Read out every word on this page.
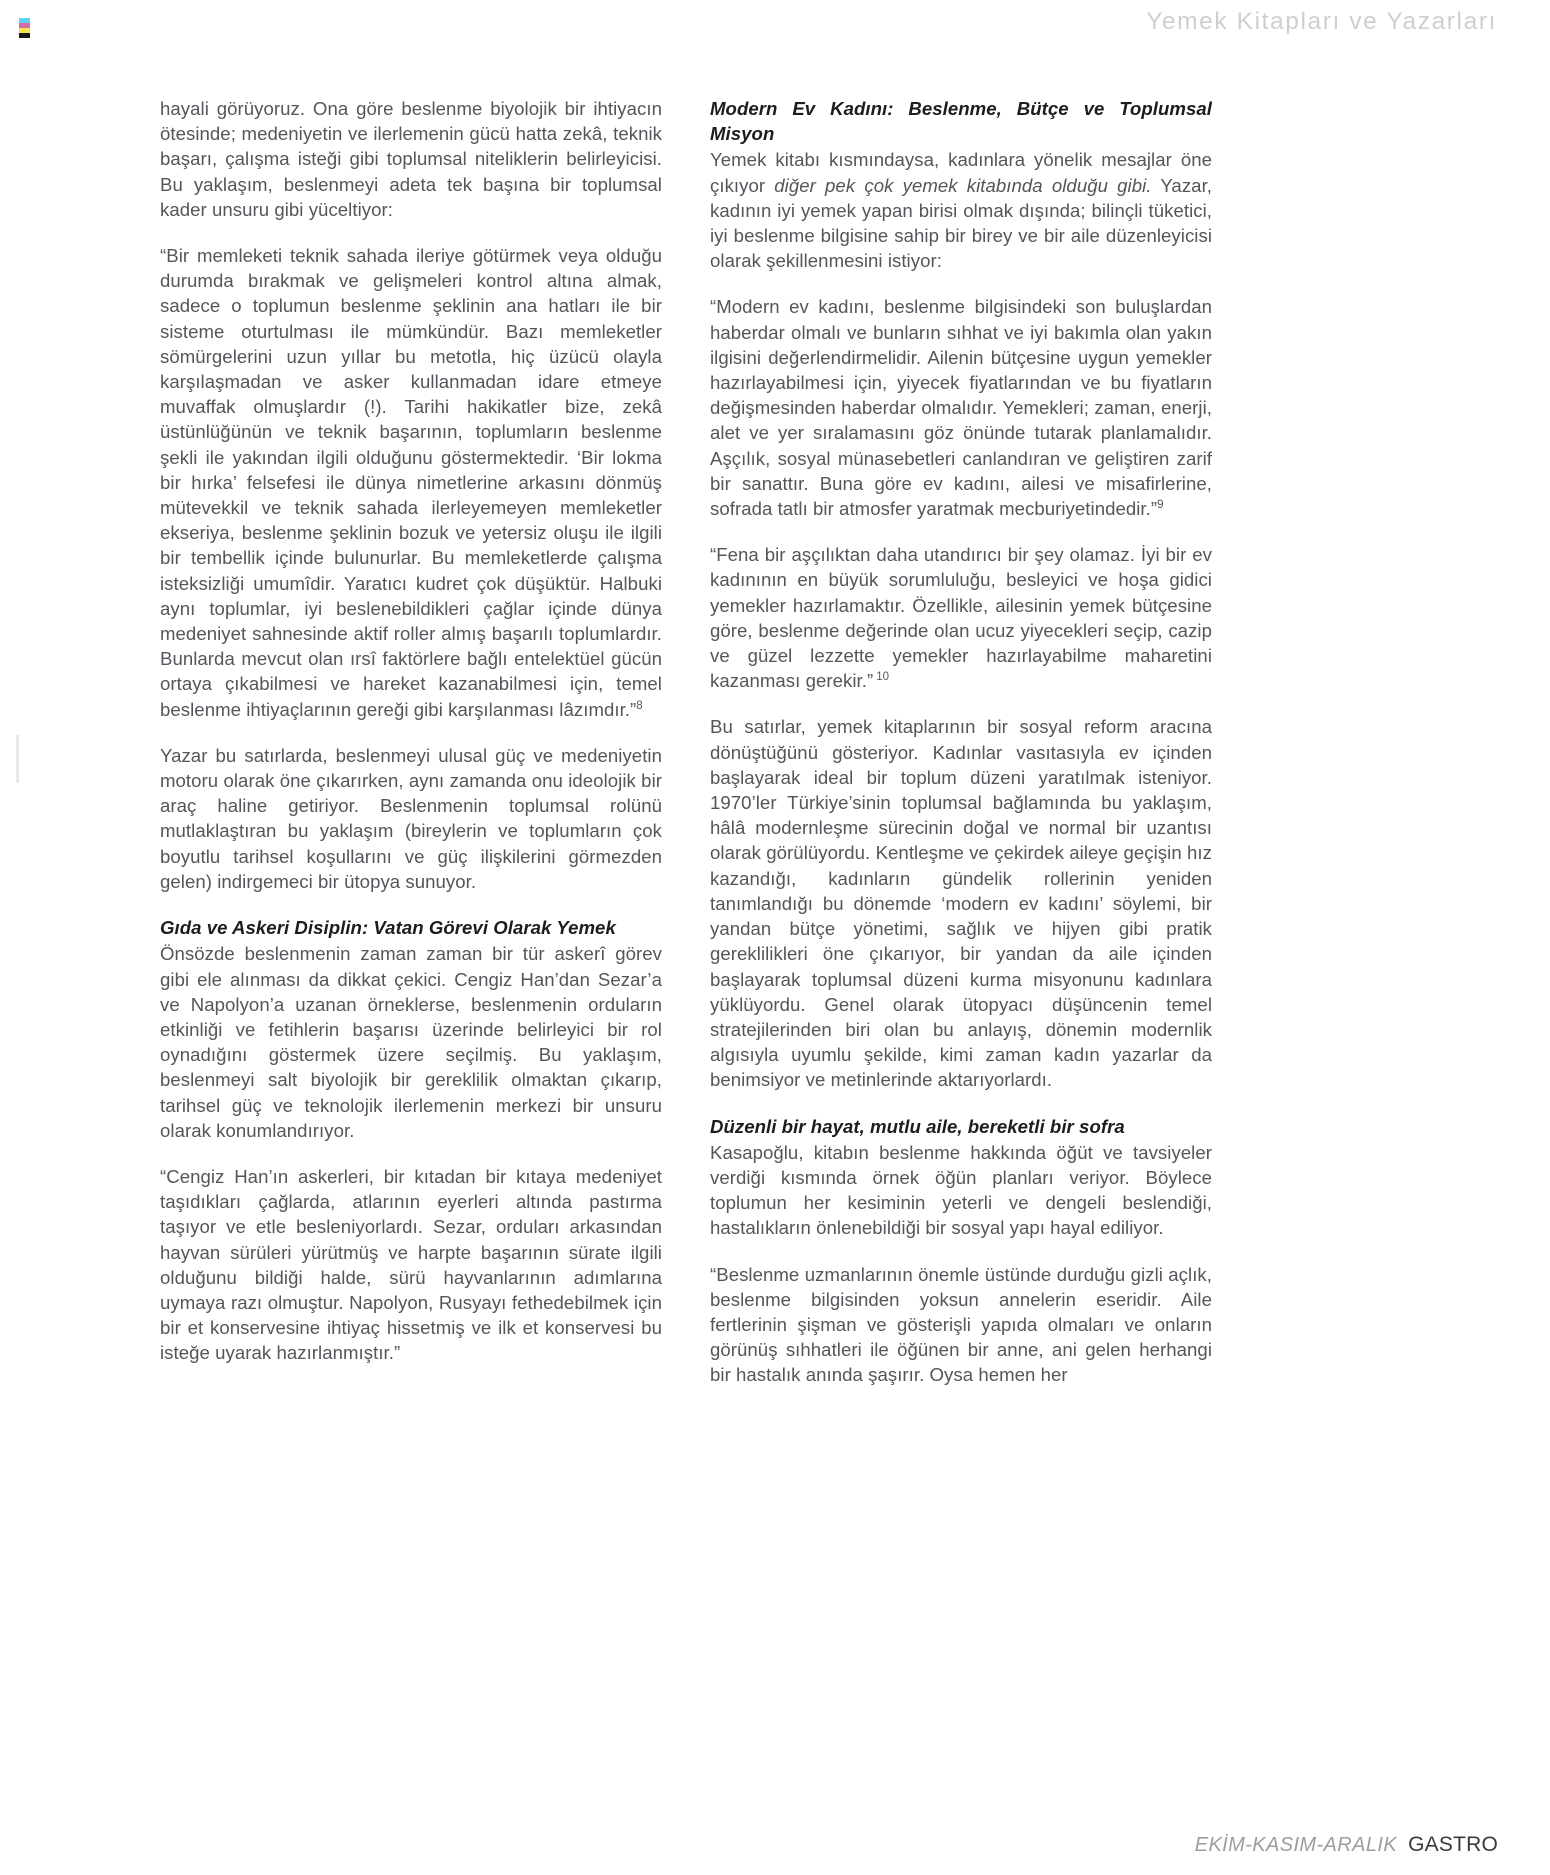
Yemek Kitapları ve Yazarları

hayali görüyoruz. Ona göre beslenme biyolojik bir ihtiyacın ötesinde; medeniyetin ve ilerlemenin gücü hatta zekâ, teknik başarı, çalışma isteği gibi toplumsal niteliklerin belirleyicisi. Bu yaklaşım, beslenmeyi adeta tek başına bir toplumsal kader unsuru gibi yüceltiyor:

“Bir memleketi teknik sahada ileriye götürmek veya olduğu durumda bırakmak ve gelişmeleri kontrol altına almak, sadece o toplumun beslenme şeklinin ana hatları ile bir sisteme oturtulması ile mümkündür. Bazı memleketler sömürgelerini uzun yıllar bu metotla, hiç üzücü olayla karşılaşmadan ve asker kullanmadan idare etmeye muvaffak olmuşlardır (!). Tarihi hakikatler bize, zekâ üstünlüğünün ve teknik başarının, toplumların beslenme şekli ile yakından ilgili olduğunu göstermektedir. ‘Bir lokma bir hırka’ felsefesi ile dünya nimetlerine arkasını dönmüş mütevekkil ve teknik sahada ilerleyemeyen memleketler ekseriya, beslenme şeklinin bozuk ve yetersiz oluşu ile ilgili bir tembellik içinde bulunurlar. Bu memleketlerde çalışma isteksizliği umumîdir. Yaratıcı kudret çok düşüktür. Halbuki aynı toplumlar, iyi beslenebildikleri çağlar içinde dünya medeniyet sahnesinde aktif roller almış başarılı toplumlardır. Bunlarda mevcut olan ırsî faktörlere bağlı entelektüel gücün ortaya çıkabilmesi ve hareket kazanabilmesi için, temel beslenme ihtiyaçlarının gereği gibi karşılanması lâzımdır.”$^8$

Yazar bu satırlarda, beslenmeyi ulusal güç ve medeniyetin motoru olarak öne çıkarırken, aynı zamanda onu ideolojik bir araç haline getiriyor. Beslenmenin toplumsal rolünü mutlaklaştıran bu yaklaşım (bireylerin ve toplumların çok boyutlu tarihsel koşullarını ve güç ilişkilerini görmezden gelen) indirgemeci bir ütopya sunuyor.

Gıda ve Askeri Disiplin: Vatan Görevi Olarak Yemek

Önsözde beslenmenin zaman zaman bir tür askerî görev gibi ele alınması da dikkat çekici. Cengiz Han’dan Sezar’a ve Napolyon’a uzanan örneklerse, beslenmenin orduların etkinliği ve fetihlerin başarısı üzerinde belirleyici bir rol oynadığını göstermek üzere seçilmiş. Bu yaklaşım, beslenmeyi salt biyolojik bir gereklilik olmaktan çıkarıp, tarihsel güç ve teknolojik ilerlemenin merkezi bir unsuru olarak konumlandırıyor.

“Cengiz Han’ın askerleri, bir kıtadan bir kıtaya medeniyet taşıdıkları çağlarda, atlarının eyerleri altında pastırma taşıyor ve etle besleniyorlardı. Sezar, orduları arkasından hayvan sürüleri yürütmüş ve harpte başarının sürate ilgili olduğunu bildiği halde, sürü hayvanlarının adımlarına uymaya razı olmuştur. Napolyon, Rusyayı fethedebilmek için bir et konservesine ihtiyaç hissetmiş ve ilk et konservesi bu isteğe uyarak hazırlanmıştır.”

Modern Ev Kadını: Beslenme, Bütçe ve Toplumsal Misyon

Yemek kitabı kısmındaysa, kadınlara yönelik mesajlar öne çıkıyor diğer pek çok yemek kitabında olduğu gibi. Yazar, kadının iyi yemek yapan birisi olmak dışında; bilinçli tüketici, iyi beslenme bilgisine sahip bir birey ve bir aile düzenleyicisi olarak şekillenmesini istiyor:

“Modern ev kadını, beslenme bilgisindeki son buluşlardan haberdar olmalı ve bunların sıhhat ve iyi bakımla olan yakın ilgisini değerlendirmelidir. Ailenin bütçesine uygun yemekler hazırlayabilmesi için, yiyecek fiyatlarından ve bu fiyatların değişmesinden haberdar olmalıdır. Yemekleri; zaman, enerji, alet ve yer sıralamasını göz önünde tutarak planlamalıdır. Aşçılık, sosyal münasebetleri canlandıran ve geliştiren zarif bir sanattır. Buna göre ev kadını, ailesi ve misafirlerine, sofrada tatlı bir atmosfer yaratmak mecburiyetindedir.”$^9$

“Fena bir aşçılıktan daha utandırıcı bir şey olamaz. İyi bir ev kadınının en büyük sorumluluğu, besleyici ve hoşa gidici yemekler hazırlamaktır. Özellikle, ailesinin yemek bütçesine göre, beslenme değerinde olan ucuz yiyecekleri seçip, cazip ve güzel lezzette yemekler hazırlayabilme maharetini kazanması gerekir.” $^{10}$

Bu satırlar, yemek kitaplarının bir sosyal reform aracına dönüştüğünü gösteriyor. Kadınlar vasıtasıyla ev içinden başlayarak ideal bir toplum düzeni yaratılmak isteniyor. 1970’ler Türkiye’sinin toplumsal bağlamında bu yaklaşım, hâlâ modernleşme sürecinin doğal ve normal bir uzantısı olarak görülüyordu. Kentleşme ve çekirdek aileye geçişin hız kazandığı, kadınların gündelik rollerinin yeniden tanımlandığı bu dönemde ‘modern ev kadını’ söylemi, bir yandan bütçe yönetimi, sağlık ve hijyen gibi pratik gereklilikleri öne çıkarıyor, bir yandan da aile içinden başlayarak toplumsal düzeni kurma misyonunu kadınlara yüklüyordu. Genel olarak ütopyacı düşüncenin temel stratejilerinden biri olan bu anlayış, dönemin modernlik algısıyla uyumlu şekilde, kimi zaman kadın yazarlar da benimsiyor ve metinlerinde aktarıyorlardı.

Düzenli bir hayat, mutlu aile, bereketli bir sofra

Kasapoğlu, kitabın beslenme hakkında öğüt ve tavsiyeler verdiği kısmında örnek öğün planları veriyor. Böylece toplumun her kesiminin yeterli ve dengeli beslendiği, hastalıkların önlenebildiği bir sosyal yapı hayal ediliyor.

“Beslenme uzmanlarının önemle üstünde durduğu gizli açlık, beslenme bilgisinden yoksun annelerin eseridir. Aile fertlerinin şişman ve gösterişli yapıda olmaları ve onların görünüş sıhhatleri ile öğünen bir anne, ani gelen herhangi bir hastalık anında şaşırır. Oysa hemen her

EKİM-KASIM-ARALIK GASTRO
